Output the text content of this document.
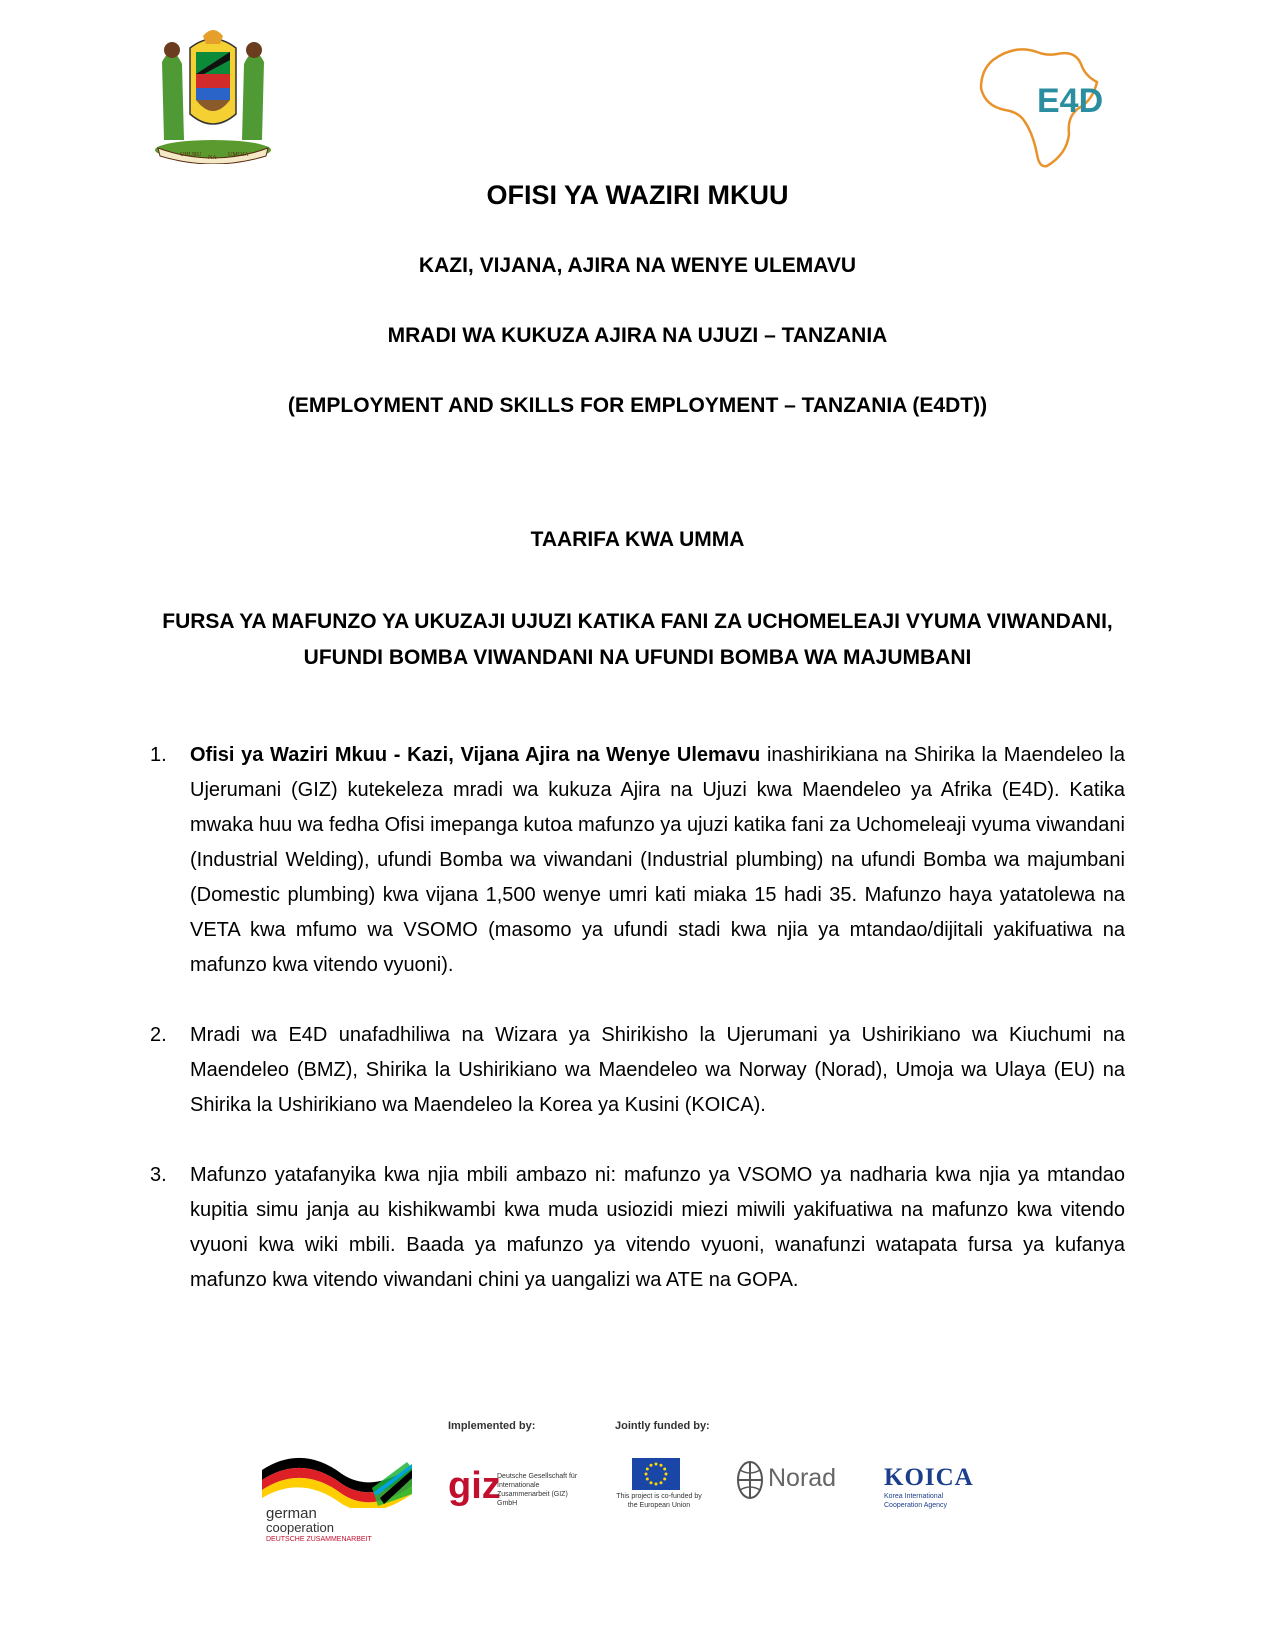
UHURU NA UMOJA
E4D
OFISI YA WAZIRI MKUU
KAZI, VIJANA, AJIRA NA WENYE ULEMAVU
MRADI WA KUKUZA AJIRA NA UJUZI – TANZANIA
(EMPLOYMENT AND SKILLS FOR EMPLOYMENT – TANZANIA (E4DT))
TAARIFA KWA UMMA
FURSA YA MAFUNZO YA UKUZAJI UJUZI KATIKA FANI ZA UCHOMELEAJI VYUMA VIWANDANI, UFUNDI BOMBA VIWANDANI NA UFUNDI BOMBA WA MAJUMBANI
1. Ofisi ya Waziri Mkuu - Kazi, Vijana Ajira na Wenye Ulemavu inashirikiana na Shirika la Maendeleo la Ujerumani (GIZ) kutekeleza mradi wa kukuza Ajira na Ujuzi kwa Maendeleo ya Afrika (E4D). Katika mwaka huu wa fedha Ofisi imepanga kutoa mafunzo ya ujuzi katika fani za Uchomeleaji vyuma viwandani (Industrial Welding), ufundi Bomba wa viwandani (Industrial plumbing) na ufundi Bomba wa majumbani (Domestic plumbing) kwa vijana 1,500 wenye umri kati miaka 15 hadi 35. Mafunzo haya yatatolewa na VETA kwa mfumo wa VSOMO (masomo ya ufundi stadi kwa njia ya mtandao/dijitali yakifuatiwa na mafunzo kwa vitendo vyuoni).
2. Mradi wa E4D unafadhiliwa na Wizara ya Shirikisho la Ujerumani ya Ushirikiano wa Kiuchumi na Maendeleo (BMZ), Shirika la Ushirikiano wa Maendeleo wa Norway (Norad), Umoja wa Ulaya (EU) na Shirika la Ushirikiano wa Maendeleo la Korea ya Kusini (KOICA).
3. Mafunzo yatafanyika kwa njia mbili ambazo ni: mafunzo ya VSOMO ya nadharia kwa njia ya mtandao kupitia simu janja au kishikwambi kwa muda usiozidi miezi miwili yakifuatiwa na mafunzo kwa vitendo vyuoni kwa wiki mbili. Baada ya mafunzo ya vitendo vyuoni, wanafunzi watapata fursa ya kufanya mafunzo kwa vitendo viwandani chini ya uangalizi wa ATE na GOPA.
german
cooperation
DEUTSCHE ZUSAMMENARBEIT
Implemented by:
giz
Deutsche Gesellschaft für Internationale Zusammenarbeit (GIZ) GmbH
Jointly funded by:
This project is co-funded by the European Union
Norad KOICA
Korea International Cooperation Agency
